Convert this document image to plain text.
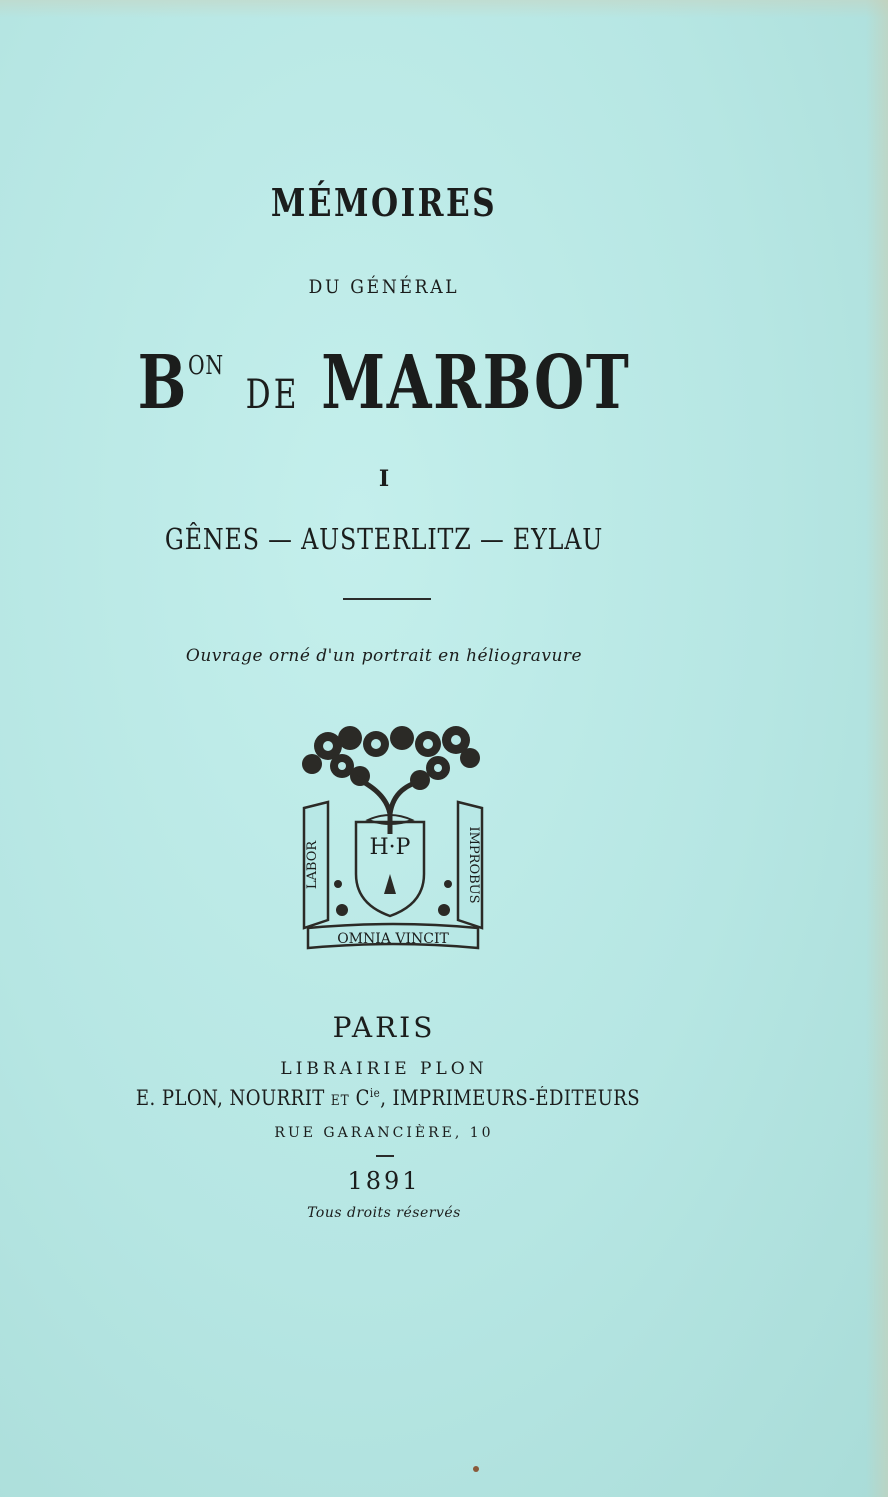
MÉMOIRES
DU GÉNÉRAL
$B^{ON}$ DE MARBOT
I
GÊNES — AUSTERLITZ — EYLAU
Ouvrage orné d'un portrait en héliogravure
H·P
LABOR	IMPROBUS
OMNIA VINCIT
PARIS
LIBRAIRIE PLON
E. PLON, NOURRIT ET $C^{ie}$, IMPRIMEURS-ÉDITEURS
RUE GARANCIÈRE, 10
1891
Tous droits réservés
